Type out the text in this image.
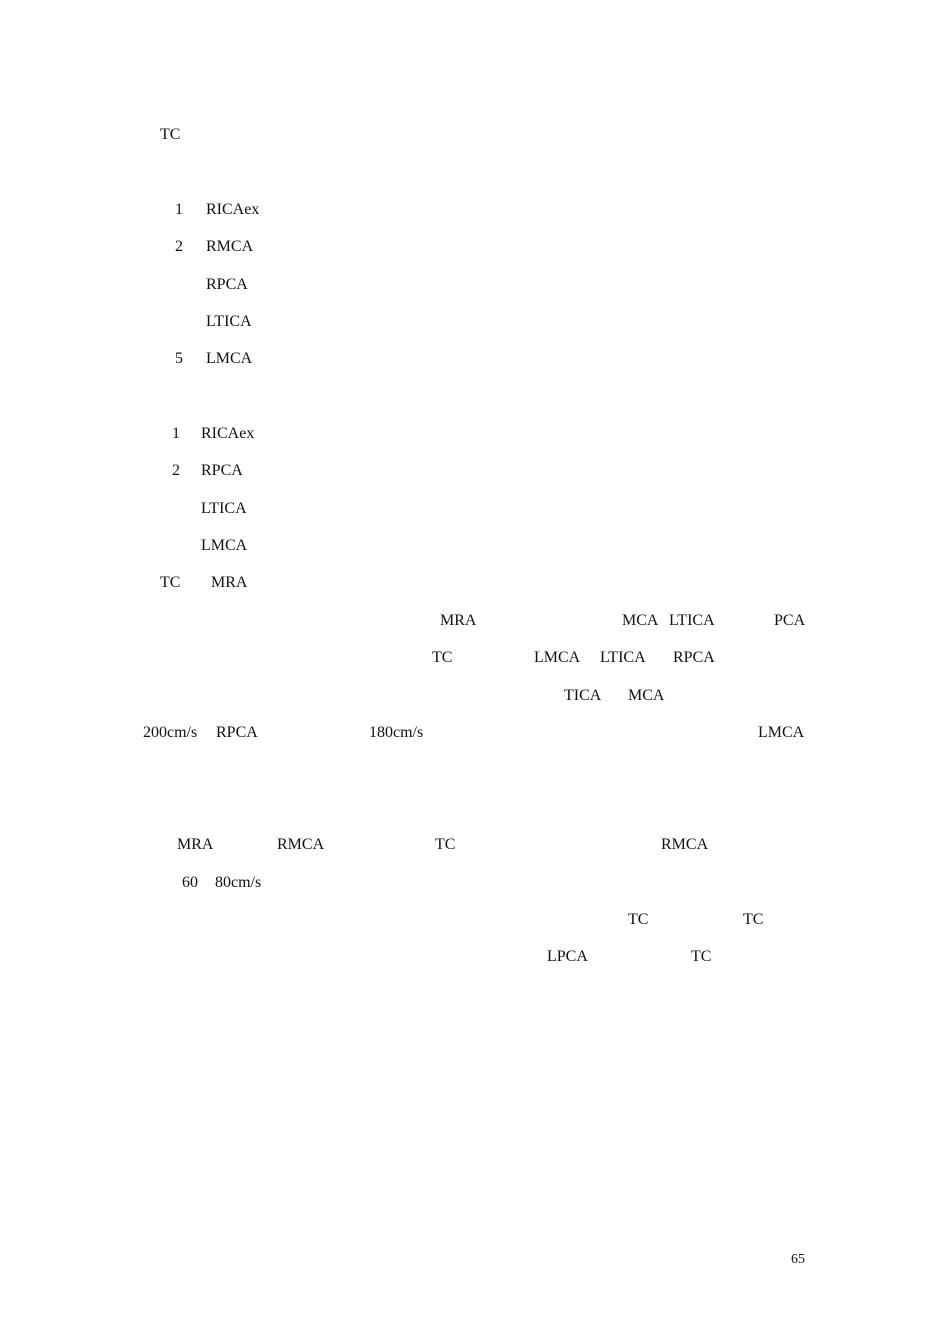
TC
1 RICAex
2 RMCA
RPCA
LTICA
5 LMCA
1 RICAex
2 RPCA
LTICA
LMCA
TC MRA
MRA	MCA LTICA	PCA
TC	LMCA LTICA RPCA
TICA MCA
200cm/s RPCA	180cm/s	LMCA
MRA	RMCA	TC	RMCA
60 80cm/s
TC	TC
LPCA	TC
65
